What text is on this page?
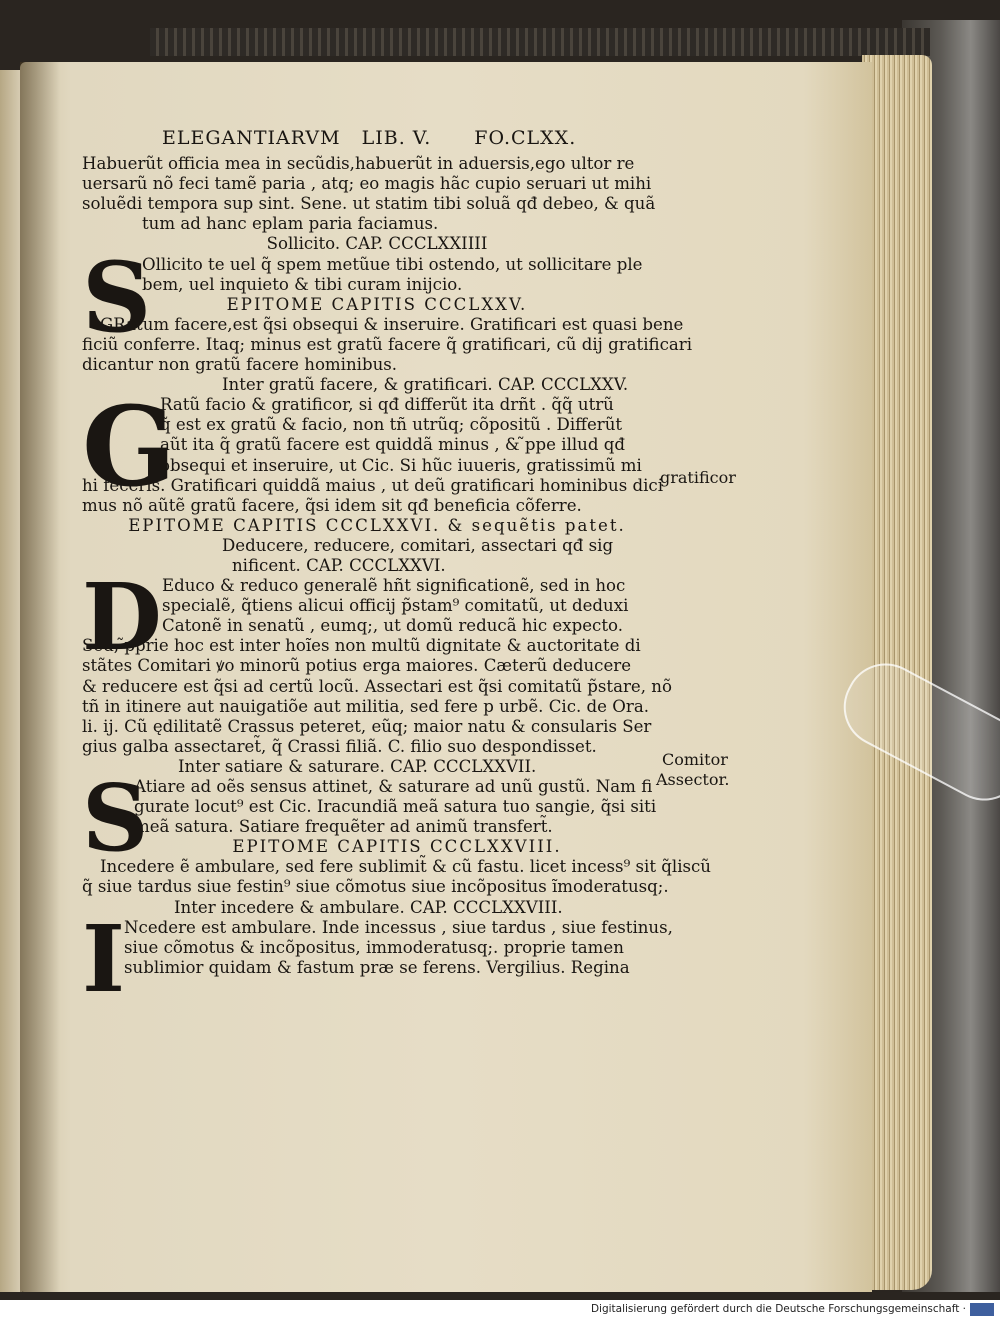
ELEGANTIARVM LIB. V. FO.CLXX.
Habuerũt officia mea in secũdis,habuerũt in aduersis,ego ultor re
uersarũ nõ feci tamẽ paria , atq; eo magis hãc cupio seruari ut mihi
soluẽdi tempora sup sint. Sene. ut statim tibi soluã qđ debeo, & quã
tum ad hanc eplam paria faciamus.
Sollicito. CAP. CCCLXXIIII
S
Ollicito te uel q̃ spem metũue tibi ostendo, ut sollicitare ple
bem, uel inquieto & tibi curam inijcio.
EPITOME CAPITIS CCCLXXV.
GRatum facere,est q̃si obsequi & inseruire. Gratificari est quasi bene
ficiũ conferre. Itaq; minus est gratũ facere q̃ gratificari, cũ dij gratificari
dicantur non gratũ facere hominibus.
Inter gratũ facere, & gratificari. CAP. CCCLXXV.
G
Ratũ facio & gratificor, si qđ differũt ita drñt . q̃q̃ utrũ
q̃ est ex gratũ & facio, non tñ utrũq; cõpositũ . Differũt
aũt ita q̃ gratũ facere est quiddã minus , & ̃ppe illud qđ
obsequi et inseruire, ut Cic. Si hũc iuueris, gratissimũ mi
hi feceris. Gratificari quiddã maius , ut deũ gratificari hominibus dici
mus nõ aũtẽ gratũ facere, q̃si idem sit qđ beneficia cõferre.
EPITOME CAPITIS CCCLXXVI. & sequẽtis patet.
Deducere, reducere, comitari, assectari qđ sig
nificent. CAP. CCCLXXVI.
D Educo & reduco generalẽ hñt significationẽ, sed in hoc
specialẽ, q̃tiens alicui officij p̃stam⁹ comitatũ, ut deduxi
Catonẽ in senatũ , eumq;, ut domũ reducã hic expecto.
Sed, ̃pprie hoc est inter hoĩes non multũ dignitate & auctoritate di
stãtes Comitari ꝟo minorũ potius erga maiores. Cæterũ deducere
& reducere est q̃si ad certũ locũ. Assectari est q̃si comitatũ p̃stare, nõ
tñ in itinere aut nauigatiõe aut militia, sed fere p urbẽ. Cic. de Ora.
li. ij. Cũ ędilitatẽ Crassus peteret, eũq; maior natu & consularis Ser
gius galba assectaret̃, q̃ Crassi filiã. C. filio suo despondisset.
Inter satiare & saturare. CAP. CCCLXXVII.
S
Atiare ad oẽs sensus attinet, & saturare ad unũ gustũ. Nam fi
gurate locut⁹ est Cic. Iracundiã meã satura tuo sangie, q̃si siti
meã satura. Satiare frequẽter ad animũ transfert̃.
EPITOME CAPITIS CCCLXXVIII.
Incedere ẽ ambulare, sed fere sublimit̃ & cũ fastu. licet incess⁹ sit q̃liscũ
q̃ siue tardus siue festin⁹ siue cõmotus siue incõpositus ĩmoderatusq;.
Inter incedere & ambulare. CAP. CCCLXXVIII.
I
Ncedere est ambulare. Inde incessus , siue tardus , siue festinus,
siue cõmotus & incõpositus, immoderatusq;. proprie tamen
sublimior quidam & fastum præ se ferens. Vergilius. Regina
gratificor
Comitor
Assector.
Digitalisierung gefördert durch die Deutsche Forschungsgemeinschaft ·
